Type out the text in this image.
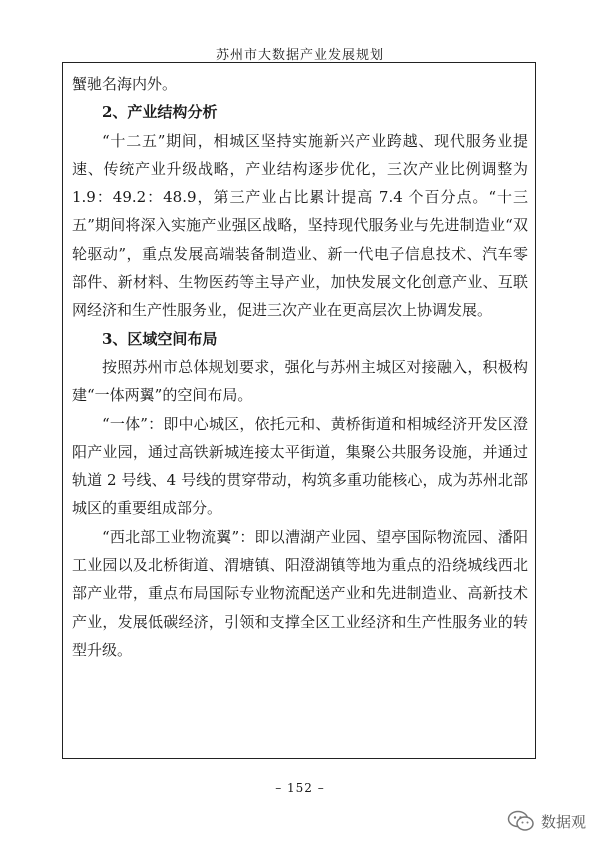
苏州市大数据产业发展规划

蟹驰名海内外。

2、产业结构分析

“十二五”期间，相城区坚持实施新兴产业跨越、现代服务业提速、传统产业升级战略，产业结构逐步优化，三次产业比例调整为 1.9：49.2：48.9，第三产业占比累计提高 7.4 个百分点。“十三五”期间将深入实施产业强区战略，坚持现代服务业与先进制造业“双轮驱动”，重点发展高端装备制造业、新一代电子信息技术、汽车零部件、新材料、生物医药等主导产业，加快发展文化创意产业、互联网经济和生产性服务业，促进三次产业在更高层次上协调发展。

3、区域空间布局

按照苏州市总体规划要求，强化与苏州主城区对接融入，积极构建“一体两翼”的空间布局。

“一体”：即中心城区，依托元和、黄桥街道和相城经济开发区澄阳产业园，通过高铁新城连接太平街道，集聚公共服务设施，并通过轨道 2 号线、4 号线的贯穿带动，构筑多重功能核心，成为苏州北部城区的重要组成部分。

“西北部工业物流翼”：即以漕湖产业园、望亭国际物流园、潘阳工业园以及北桥街道、渭塘镇、阳澄湖镇等地为重点的沿绕城线西北部产业带，重点布局国际专业物流配送产业和先进制造业、高新技术产业，发展低碳经济，引领和支撑全区工业经济和生产性服务业的转型升级。

– 152 –
数据观
